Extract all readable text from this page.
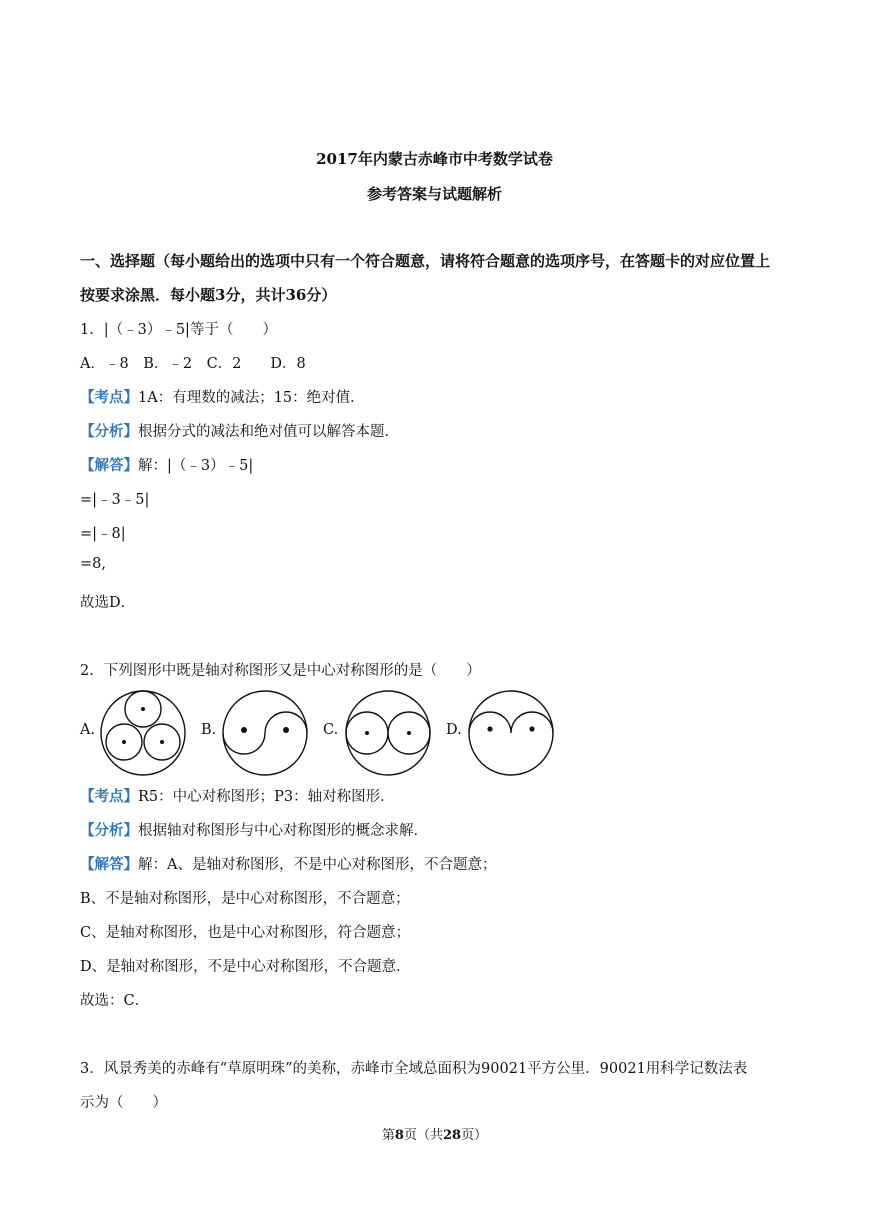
2017年内蒙古赤峰市中考数学试卷
参考答案与试题解析
一、选择题（每小题给出的选项中只有一个符合题意，请将符合题意的选项序号，在答题卡的对应位置上
按要求涂黑．每小题3分，共计36分）
1．|（﹣3）﹣5|等于（　　）
A．﹣8　B．﹣2　C．2　　D．8
【考点】1A：有理数的减法；15：绝对值．
【分析】根据分式的减法和绝对值可以解答本题．
【解答】解：|（﹣3）﹣5|
=|﹣3﹣5|
=|﹣8|
=8,
故选D．
2．下列图形中既是轴对称图形又是中心对称图形的是（　　）
A.	B.	C.	D.
【考点】R5：中心对称图形；P3：轴对称图形．
【分析】根据轴对称图形与中心对称图形的概念求解．
【解答】解：A、是轴对称图形，不是中心对称图形，不合题意；
B、不是轴对称图形，是中心对称图形，不合题意；
C、是轴对称图形，也是中心对称图形，符合题意；
D、是轴对称图形，不是中心对称图形，不合题意．
故选：C．
3．风景秀美的赤峰有“草原明珠”的美称，赤峰市全域总面积为90021平方公里．90021用科学记数法表
示为（　　）
第8页（共28页）
